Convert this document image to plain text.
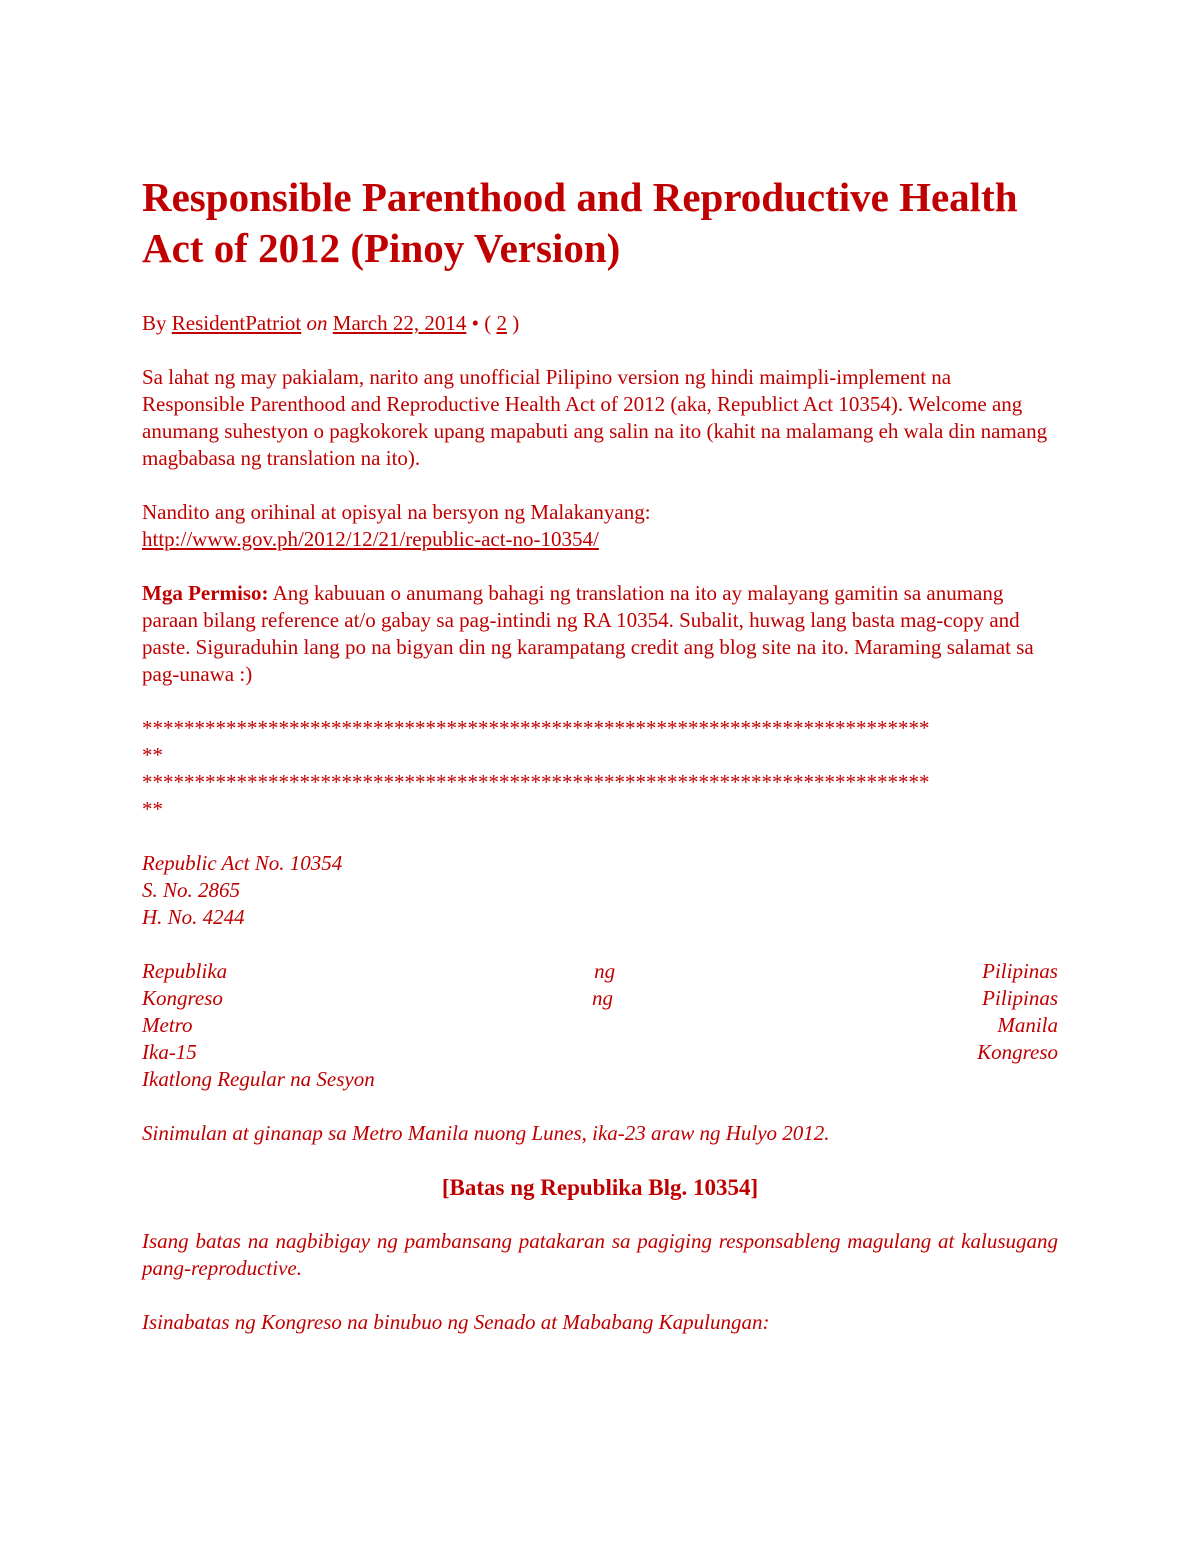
Responsible Parenthood and Reproductive Health Act of 2012 (Pinoy Version)
By ResidentPatriot on March 22, 2014 • ( 2 )

Sa lahat ng may pakialam, narito ang unofficial Pilipino version ng hindi maimpli-implement na Responsible Parenthood and Reproductive Health Act of 2012 (aka, Republict Act 10354). Welcome ang anumang suhestyon o pagkokorek upang mapabuti ang salin na ito (kahit na malamang eh wala din namang magbabasa ng translation na ito).

Nandito ang orihinal at opisyal na bersyon ng Malakanyang:
http://www.gov.ph/2012/12/21/republic-act-no-10354/

Mga Permiso: Ang kabuuan o anumang bahagi ng translation na ito ay malayang gamitin sa anumang paraan bilang reference at/o gabay sa pag-intindi ng RA 10354. Subalit, huwag lang basta mag-copy and paste. Siguraduhin lang po na bigyan din ng karampatang credit ang blog site na ito. Maraming salamat sa pag-unawa :)

***************************************************************************
**
***************************************************************************
**

Republic Act No. 10354
S. No. 2865
H. No. 4244

Republika	ng	Pilipinas
Kongreso	ng	Pilipinas
Metro	Manila
Ika-15	Kongreso

Ikatlong Regular na Sesyon

Sinimulan at ginanap sa Metro Manila nuong Lunes, ika-23 araw ng Hulyo 2012.

[Batas ng Republika Blg. 10354]

Isang batas na nagbibigay ng pambansang patakaran sa pagiging responsableng magulang at kalusugang pang-reproductive.

Isinabatas ng Kongreso na binubuo ng Senado at Mababang Kapulungan:
